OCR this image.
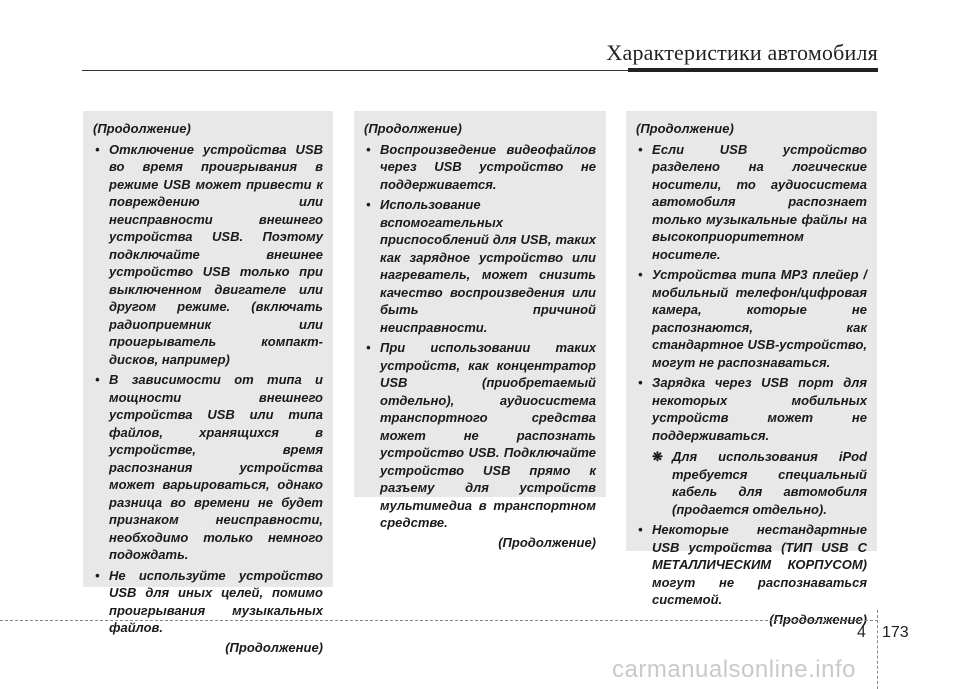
Характеристики автомобиля
(Продолжение)
• Отключение устройства USB во время проигрывания в режиме USB может привести к повреждению или неисправности внешнего устройства USB. Поэтому подключайте внешнее устройство USB только при выключенном двигателе или другом режиме. (включать радиоприемник или проигрыватель компакт-дисков, например)
• В зависимости от типа и мощности внешнего устройства USB или типа файлов, хранящихся в устройстве, время распознания устройства может варьироваться, однако разница во времени не будет признаком неисправности, необходимо только немного подождать.
• Не используйте устройство USB для иных целей, помимо проигрывания музыкальных файлов.
(Продолжение)
(Продолжение)
• Воспроизведение видеофайлов через USB устройство не поддерживается.
• Использование вспомогательных приспособлений для USB, таких как зарядное устройство или нагреватель, может снизить качество воспроизведения или быть причиной неисправности.
• При использовании таких устройств, как концентратор USB (приобретаемый отдельно), аудиосистема транспортного средства может не распознать устройство USB. Подключайте устройство USB прямо к разъему для устройств мультимедиа в транспортном средстве.
(Продолжение)
(Продолжение)
• Если USB устройство разделено на логические носители, то аудиосистема автомобиля распознает только музыкальные файлы на высокоприоритетном носителе.
• Устройства типа MP3 плейер /мобильный телефон/цифровая камера, которые не распознаются, как стандартное USB-устройство, могут не распознаваться.
• Зарядка через USB порт для некоторых мобильных устройств может не поддерживаться.
❋ Для использования iPod требуется специальный кабель для автомобиля (продается отдельно).
• Некоторые нестандартные USB устройства (ТИП USB С МЕТАЛЛИЧЕСКИМ КОРПУСОМ) могут не распознаваться системой.
(Продолжение)
4 173
carmanualsonline.info
